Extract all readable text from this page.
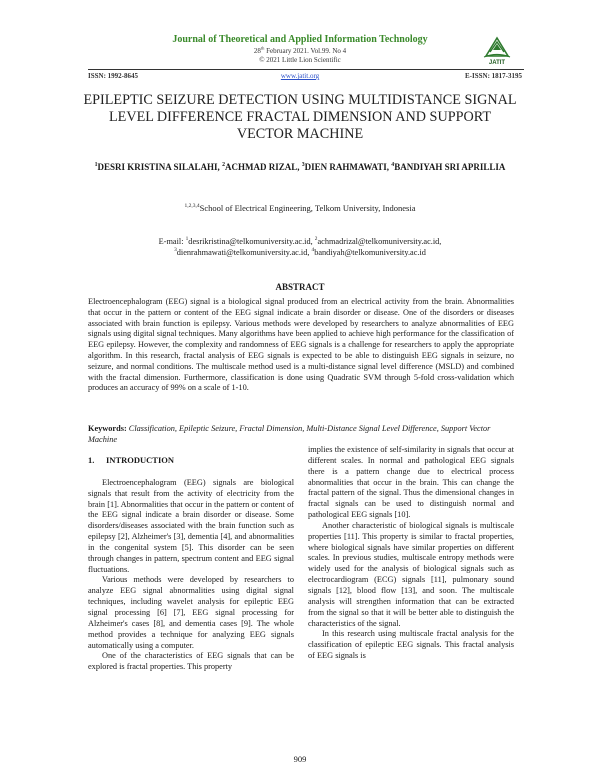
Journal of Theoretical and Applied Information Technology
28th February 2021. Vol.99. No 4
© 2021 Little Lion Scientific	JATIT
ISSN: 1992-8645	www.jatit.org	E-ISSN: 1817-3195
EPILEPTIC SEIZURE DETECTION USING MULTIDISTANCE SIGNAL LEVEL DIFFERENCE FRACTAL DIMENSION AND SUPPORT VECTOR MACHINE
$^1$DESRI KRISTINA SILALAHI, $^2$ACHMAD RIZAL, $^3$DIEN RAHMAWATI, $^4$BANDIYAH SRI APRILLIA
$^{1,2,3,4}$School of Electrical Engineering, Telkom University, Indonesia
E-mail: $^1$desrikristina@telkomuniversity.ac.id, $^2$achmadrizal@telkomuniversity.ac.id,
$^3$dienrahmawati@telkomuniversity.ac.id, $^4$bandiyah@telkomuniversity.ac.id
ABSTRACT
Electroencephalogram (EEG) signal is a biological signal produced from an electrical activity from the brain. Abnormalities that occur in the pattern or content of the EEG signal indicate a brain disorder or disease. One of the disorders or diseases associated with brain function is epilepsy. Various methods were developed by researchers to analyze abnormalities of EEG signals using digital signal techniques. Many algorithms have been applied to achieve high performance for the classification of EEG epilepsy. However, the complexity and randomness of EEG signals is a challenge for researchers to apply the appropriate algorithm. In this research, fractal analysis of EEG signals is expected to be able to distinguish EEG signals in seizure, no seizure, and normal conditions. The multiscale method used is a multi-distance signal level difference (MSLD) and combined with the fractal dimension. Furthermore, classification is done using Quadratic SVM through 5-fold cross-validation which produces an accuracy of 99% on a scale of 1-10.
Keywords: Classification, Epileptic Seizure, Fractal Dimension, Multi-Distance Signal Level Difference, Support Vector Machine
1. INTRODUCTION

Electroencephalogram (EEG) signals are biological signals that result from the activity of electricity from the brain [1]. Abnormalities that occur in the pattern or content of the EEG signal indicate a brain disorder or disease. Some disorders/diseases associated with the brain function such as epilepsy [2], Alzheimer's [3], dementia [4], and abnormalities in the congenital system [5]. This disorder can be seen through changes in pattern, spectrum content and EEG signal fluctuations.

Various methods were developed by researchers to analyze EEG signal abnormalities using digital signal techniques, including wavelet analysis for epileptic EEG signal processing [6] [7], EEG signal processing for Alzheimer's cases [8], and dementia cases [9]. The whole method provides a technique for analyzing EEG signals automatically using a computer.

One of the characteristics of EEG signals that can be explored is fractal properties. This property

implies the existence of self-similarity in signals that occur at different scales. In normal and pathological EEG signals there is a pattern change due to electrical process abnormalities that occur in the brain. This can change the fractal pattern of the signal. Thus the dimensional changes in fractal signals can be used to distinguish normal and pathological EEG signals [10].

Another characteristic of biological signals is multiscale properties [11]. This property is similar to fractal properties, where biological signals have similar properties on different scales. In previous studies, multiscale entropy methods were widely used for the analysis of biological signals such as electrocardiogram (ECG) signals [11], pulmonary sound signals [12], blood flow [13], and soon. The multiscale analysis will strengthen information that can be extracted from the signal so that it will be better able to distinguish the characteristics of the signal.

In this research using multiscale fractal analysis for the classification of epileptic EEG signals. This fractal analysis of EEG signals is

909
